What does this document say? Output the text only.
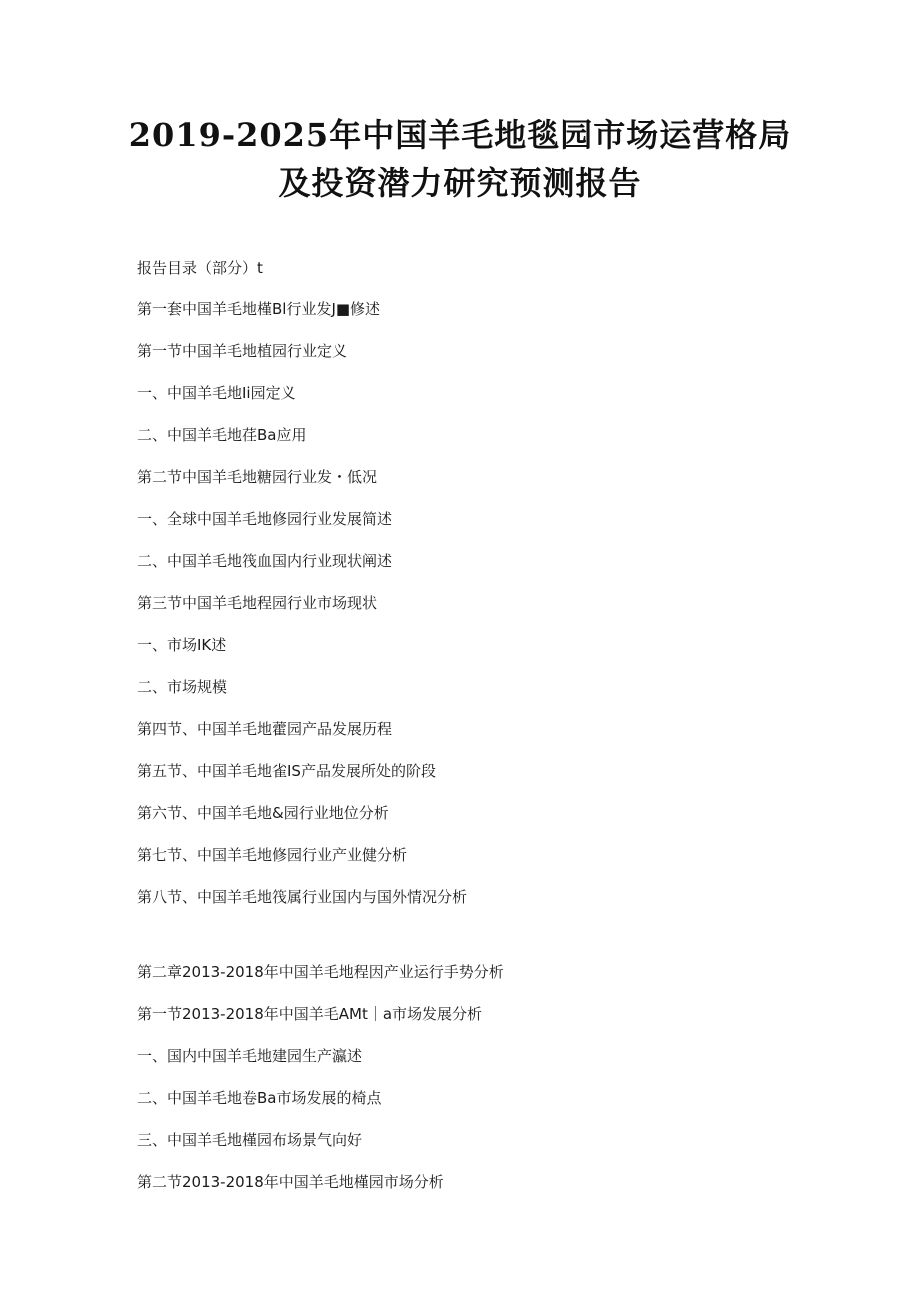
2019-2025年中国羊毛地毯园市场运营格局
及投资潜力研究预测报告
报告目录（部分）t
第一套中国羊毛地槿Bl行业发J■修述
第一节中国羊毛地植园行业定义
一、中国羊毛地Ii园定义
二、中国羊毛地荏Ba应用
第二节中国羊毛地糖园行业发・低况
一、全球中国羊毛地修园行业发展简述
二、中国羊毛地筏血国内行业现状阐述
第三节中国羊毛地程园行业市场现状
一、市场IK述
二、市场规模
第四节、中国羊毛地藿园产品发展历程
第五节、中国羊毛地雀IS产品发展所处的阶段
第六节、中国羊毛地&园行业地位分析
第七节、中国羊毛地修园行业产业健分析
第八节、中国羊毛地筏属行业国内与国外情况分析
第二章2013-2018年中国羊毛地程因产业运行手势分析
第一节2013-2018年中国羊毛AMt｜a市场发展分析
一、国内中国羊毛地建园生产瀛述
二、中国羊毛地卷Ba市场发展的椅点
三、中国羊毛地槿园布场景气向好
第二节2013-2018年中国羊毛地槿园市场分析
